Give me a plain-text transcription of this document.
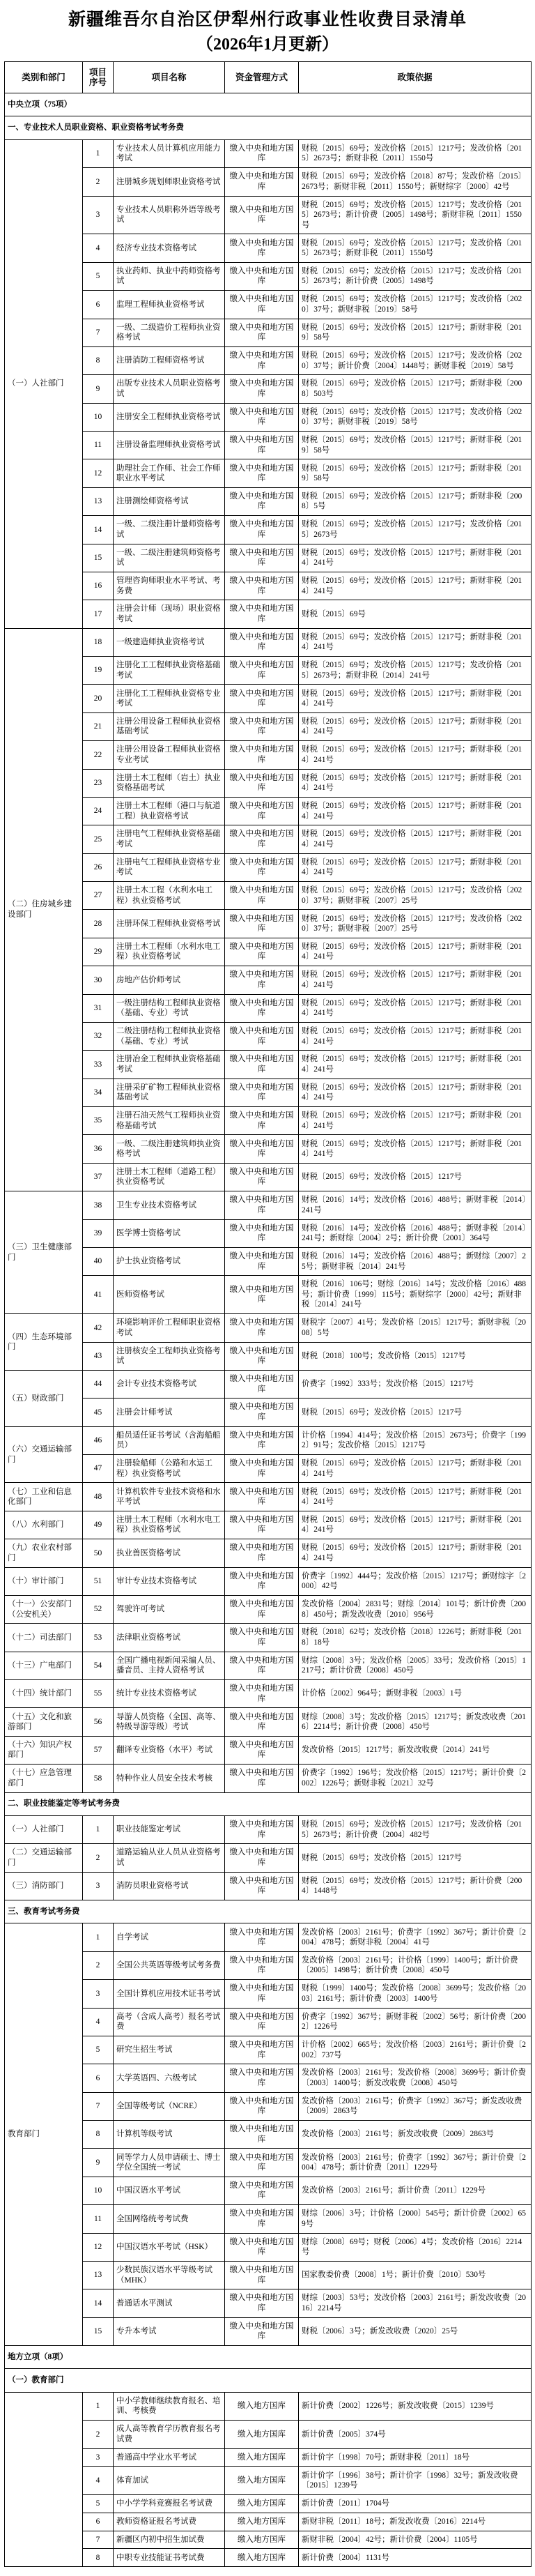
新疆维吾尔自治区伊犁州行政事业性收费目录清单
（2026年1月更新）
类别和部门	项目序号	项目名称	资金管理方式	政策依据
中央立项（75项）				
一、专业技术人员职业资格、职业资格考试考务费				
（一）人社部门	1	专业技术人员计算机应用能力考试	缴入中央和地方国库	财税〔2015〕69号；发改价格〔2015〕1217号；发改价格〔2015〕2673号；新财非税〔2011〕1550号
	2	注册城乡规划师职业资格考试	缴入中央和地方国库	财税〔2015〕69号；发改价格〔2018〕87号；发改价格〔2015〕2673号；新财非税〔2011〕1550号；新财综字〔2000〕42号
	3	专业技术人员职称外语等级考试	缴入中央和地方国库	财税〔2015〕69号；发改价格〔2015〕1217号；发改价格〔2015〕2673号；新计价费〔2005〕1498号；新财非税〔2011〕1550号
	4	经济专业技术资格考试	缴入中央和地方国库	财税〔2015〕69号；发改价格〔2015〕1217号；发改价格〔2015〕2673号；新财非税〔2011〕1550号
	5	执业药师、执业中药师资格考试	缴入中央和地方国库	财税〔2015〕69号；发改价格〔2015〕1217号；发改价格〔2015〕2673号；新计价费〔2005〕1498号
	6	监理工程师执业资格考试	缴入中央和地方国库	财税〔2015〕69号；发改价格〔2015〕1217号；发改价格〔2020〕37号；新财非税〔2019〕58号
	7	一级、二级造价工程师执业资格考试	缴入中央和地方国库	财税〔2015〕69号；发改价格〔2015〕1217号；新财非税〔2019〕58号
	8	注册消防工程师资格考试	缴入中央和地方国库	财税〔2015〕69号；发改价格〔2015〕1217号；发改价格〔2020〕37号；新计价费〔2004〕1448号；新财非税〔2019〕58号
	9	出版专业技术人员职业资格考试	缴入中央和地方国库	财税〔2015〕69号；发改价格〔2015〕1217号；新财非税〔2008〕503号
	10	注册安全工程师执业资格考试	缴入中央和地方国库	财税〔2015〕69号；发改价格〔2015〕1217号；发改价格〔2020〕37号；新财非税〔2019〕58号
	11	注册设备监理师执业资格考试	缴入中央和地方国库	财税〔2015〕69号；发改价格〔2015〕1217号；新财非税〔2019〕58号
	12	助理社会工作师、社会工作师职业水平考试	缴入中央和地方国库	财税〔2015〕69号；发改价格〔2015〕1217号；新财非税〔2019〕58号
	13	注册测绘师资格考试	缴入中央和地方国库	财税〔2015〕69号；发改价格〔2015〕1217号；新财非税〔2008〕5号
	14	一级、二级注册计量师资格考试	缴入中央和地方国库	财税〔2015〕69号；发改价格〔2015〕1217号；发改价格〔2015〕2673号
	15	一级、二级注册建筑师资格考试	缴入中央和地方国库	财税〔2015〕69号；发改价格〔2015〕1217号；新财非税〔2014〕241号
	16	管理咨询师职业水平考试、考务费	缴入中央和地方国库	财税〔2015〕69号；发改价格〔2015〕1217号；新财非税〔2014〕241号
	17	注册会计师（现场）职业资格考试	缴入中央和地方国库	财税〔2015〕69号
（二）住房城乡建设部门	18	一级建造师执业资格考试	缴入中央和地方国库	财税〔2015〕69号；发改价格〔2015〕1217号；新财非税〔2014〕241号
	19	注册化工工程师执业资格基础考试	缴入中央和地方国库	财税〔2015〕69号；发改价格〔2015〕1217号；发改价格〔2015〕2673号；新财非税〔2014〕241号
	20	注册化工工程师执业资格专业考试	缴入中央和地方国库	财税〔2015〕69号；发改价格〔2015〕1217号；新财非税〔2014〕241号
	21	注册公用设备工程师执业资格基础考试	缴入中央和地方国库	财税〔2015〕69号；发改价格〔2015〕1217号；新财非税〔2014〕241号
	22	注册公用设备工程师执业资格专业考试	缴入中央和地方国库	财税〔2015〕69号；发改价格〔2015〕1217号；新财非税〔2014〕241号
	23	注册土木工程师（岩土）执业资格基础考试	缴入中央和地方国库	财税〔2015〕69号；发改价格〔2015〕1217号；新财非税〔2014〕241号
	24	注册土木工程师（港口与航道工程）执业资格考试	缴入中央和地方国库	财税〔2015〕69号；发改价格〔2015〕1217号；新财非税〔2014〕241号
	25	注册电气工程师执业资格基础考试	缴入中央和地方国库	财税〔2015〕69号；发改价格〔2015〕1217号；新财非税〔2014〕241号
	26	注册电气工程师执业资格专业考试	缴入中央和地方国库	财税〔2015〕69号；发改价格〔2015〕1217号；新财非税〔2014〕241号
	27	注册土木工程（水利水电工程）执业资格考试	缴入中央和地方国库	财税〔2015〕69号；发改价格〔2015〕1217号；发改价格〔2020〕37号；新财非税〔2007〕25号
	28	注册环保工程师执业资格考试	缴入中央和地方国库	财税〔2015〕69号；发改价格〔2015〕1217号；发改价格〔2020〕37号；新财非税〔2007〕25号
	29	注册土木工程师（水利水电工程）执业资格考试	缴入中央和地方国库	财税〔2015〕69号；发改价格〔2015〕1217号；新财非税〔2014〕241号
	30	房地产估价师考试	缴入中央和地方国库	财税〔2015〕69号；发改价格〔2015〕1217号；新财非税〔2014〕241号
	31	一级注册结构工程师执业资格（基础、专业）考试	缴入中央和地方国库	财税〔2015〕69号；发改价格〔2015〕1217号；新财非税〔2014〕241号
	32	二级注册结构工程师执业资格（基础、专业）考试	缴入中央和地方国库	财税〔2015〕69号；发改价格〔2015〕1217号；新财非税〔2014〕241号
	33	注册冶金工程师执业资格基础考试	缴入中央和地方国库	财税〔2015〕69号；发改价格〔2015〕1217号；新财非税〔2014〕241号
	34	注册采矿矿物工程师执业资格基础考试	缴入中央和地方国库	财税〔2015〕69号；发改价格〔2015〕1217号；新财非税〔2014〕241号
	35	注册石油天然气工程师执业资格基础考试	缴入中央和地方国库	财税〔2015〕69号；发改价格〔2015〕1217号；新财非税〔2014〕241号
	36	一级、二级注册建筑师执业资格考试	缴入中央和地方国库	财税〔2015〕69号；发改价格〔2015〕1217号；新财非税〔2014〕241号
	37	注册土木工程师（道路工程）执业资格考试	缴入中央和地方国库	财税〔2015〕69号；发改价格〔2015〕1217号
（三）卫生健康部门	38	卫生专业技术资格考试	缴入中央和地方国库	财税〔2016〕14号；发改价格〔2016〕488号；新财非税〔2014〕241号
	39	医学博士资格考试	缴入中央和地方国库	财税〔2016〕14号；发改价格〔2016〕488号；新财非税〔2014〕241号；新财综〔2004〕2号；新计价费〔2001〕364号
	40	护士执业资格考试	缴入中央和地方国库	财税〔2016〕14号；发改价格〔2016〕488号；新财综〔2007〕25号；新财非税〔2014〕241号
	41	医师资格考试	缴入中央和地方国库	财税〔2016〕106号；财综〔2016〕14号；发改价格〔2016〕488号；新计价费〔1999〕115号；新财综字〔2000〕42号；新财非税〔2014〕241号
（四）生态环境部门	42	环境影响评价工程师职业资格考试	缴入中央和地方国库	财税字〔2007〕41号；发改价格〔2015〕1217号；新财非税〔2008〕5号
	43	注册核安全工程师执业资格考试	缴入中央和地方国库	财税〔2018〕100号；发改价格〔2015〕1217号
（五）财政部门	44	会计专业技术资格考试	缴入中央和地方国库	价费字〔1992〕333号；发改价格〔2015〕1217号
	45	注册会计师考试	缴入中央和地方国库	财税〔2015〕69号；发改价格〔2015〕1217号
（六）交通运输部门	46	船员适任证书考试（含海船船员）	缴入中央和地方国库	计价格〔1994〕414号；发改价格〔2015〕2673号；价费字〔1992〕91号；发改价格〔2015〕1217号
	47	注册验船师（公路和水运工程）执业资格考试	缴入中央和地方国库	财税〔2015〕69号；发改价格〔2015〕1217号；新财非税〔2014〕241号
（七）工业和信息化部门	48	计算机软件专业技术资格和水平考试	缴入中央和地方国库	财税〔2015〕69号；发改价格〔2015〕1217号；新财非税〔2014〕241号
（八）水利部门	49	注册土木工程师（水利水电工程）执业资格考试	缴入中央和地方国库	财税〔2015〕69号；发改价格〔2015〕1217号；新财非税〔2014〕241号
（九）农业农村部门	50	执业兽医资格考试	缴入中央和地方国库	财税〔2015〕69号；发改价格〔2015〕1217号；新财非税〔2014〕241号
（十）审计部门	51	审计专业技术资格考试	缴入中央和地方国库	价费字〔1992〕444号；发改价格〔2015〕1217号；新财综字〔2000〕42号
（十一）公安部门（公安机关）	52	驾驶许可考试	缴入中央和地方国库	发改价格〔2004〕2831号；财综〔2014〕101号；新计价费〔2008〕450号；新发改收费〔2010〕956号
（十二）司法部门	53	法律职业资格考试	缴入中央和地方国库	财税〔2018〕62号；发改价格〔2018〕1226号；新财非税〔2018〕18号
（十三）广电部门	54	全国广播电视新闻采编人员、播音员、主持人资格考试	缴入中央和地方国库	财综〔2008〕3号；发改价格〔2005〕33号；发改价格〔2015〕1217号；新计价费〔2008〕450号
（十四）统计部门	55	统计专业技术资格考试	缴入中央和地方国库	计价格〔2002〕964号；新财非税〔2003〕1号
（十五）文化和旅游部门	56	导游人员资格（全国、高等、特级导游等级）考试	缴入中央和地方国库	财综〔2008〕3号；发改价格〔2015〕1217号；新发改收费〔2016〕2214号；新计价费〔2008〕450号
（十六）知识产权部门	57	翻译专业资格（水平）考试	缴入中央和地方国库	发改价格〔2015〕1217号；新发改收费〔2014〕241号
（十七）应急管理部门	58	特种作业人员安全技术考核	缴入中央和地方国库	价费字〔1992〕196号；发改价格〔2015〕1217号；新计价费〔2002〕1226号；新财非税〔2021〕32号
二、职业技能鉴定等考试考务费				
（一）人社部门	1	职业技能鉴定考试	缴入中央和地方国库	财税〔2015〕69号；发改价格〔2015〕1217号；发改价格〔2015〕2673号；新计价费〔2004〕482号
（二）交通运输部门	2	道路运输从业人员从业资格考试	缴入中央和地方国库	财税〔2015〕69号；发改价格〔2015〕1217号
（三）消防部门	3	消防员职业资格考试	缴入中央和地方国库	财税〔2015〕69号；发改价格〔2015〕1217号；新计价费〔2004〕1448号
三、教育考试考务费				
教育部门	1	自学考试	缴入中央和地方国库	发改价格〔2003〕2161号；价费字〔1992〕367号；新计价费〔2004〕478号；新财非税〔2004〕41号
	2	全国公共英语等级考试考务费	缴入中央和地方国库	发改价格〔2003〕2161号；计价格〔1999〕1400号；新计价费〔2005〕1498号；新计价费〔2008〕450号
	3	全国计算机应用技术证书考试	缴入中央和地方国库	财税〔1999〕1400号；发改价格〔2008〕3699号；发改价格〔2003〕2161号；新计价费〔2003〕1400号
	4	高考（含成人高考）报名考试费	缴入中央和地方国库	价费字〔1992〕367号；新财非税〔2002〕56号；新计价费〔2002〕1226号
	5	研究生招生考试	缴入中央和地方国库	计价格〔2002〕665号；发改价格〔2003〕2161号；新计价费〔2002〕737号
	6	大学英语四、六级考试	缴入中央和地方国库	发改价格〔2003〕2161号；发改价格〔2008〕3699号；新计价费〔2003〕1400号；新发改收费〔2008〕450号
	7	全国等级考试（NCRE）	缴入中央和地方国库	发改价格〔2003〕2161号；价费字〔1992〕367号；新发改收费〔2009〕2863号
	8	计算机等级考试	缴入中央和地方国库	发改价格〔2003〕2161号；新发改收费〔2009〕2863号
	9	同等学力人员申请硕士、博士学位全国统一考试	缴入中央和地方国库	发改价格〔2003〕2161号；价费字〔1992〕367号；新计价费〔2004〕478号；新计价费〔2011〕1229号
	10	中国汉语水平考试	缴入中央和地方国库	发改价格〔2003〕2161号；新计价费〔2011〕1229号
	11	全国网络统考考试费	缴入中央和地方国库	财综〔2006〕3号；计价格〔2000〕545号；新计价费〔2002〕659号
	12	中国汉语水平考试（HSK）	缴入中央和地方国库	财综〔2008〕69号；财税〔2006〕4号；发改价格〔2016〕2214号
	13	少数民族汉语水平等级考试（MHK）	缴入中央和地方国库	国家教委价费〔2008〕1号；新计价费〔2010〕530号
	14	普通话水平测试	缴入中央和地方国库	财综〔2003〕53号；发改价格〔2003〕2161号；新发改收费〔2016〕2214号
	15	专升本考试	缴入中央和地方国库	财税〔2006〕3号；新发改收费〔2020〕25号
地方立项（8项）				
（一）教育部门				
	1	中小学教师继续教育报名、培训、考核费	缴入地方国库	新计价费〔2002〕1226号；新发改收费〔2015〕1239号
	2	成人高等教育学历教育报名考试费	缴入地方国库	新计价费〔2005〕374号
	3	普通高中学业水平考试	缴入地方国库	新计价字〔1998〕70号；新财非税〔2011〕18号
	4	体育加试	缴入地方国库	新计价字〔1996〕38号；新计价字〔1998〕32号；新发改收费〔2015〕1239号
	5	中小学学科竞赛报名考试费	缴入地方国库	新计价费〔2011〕1704号
	6	教师资格证报名考试费	缴入地方国库	新财非税〔2011〕18号；新发改收费〔2016〕2214号
	7	新疆区内初中招生加试费	缴入地方国库	新财非税〔2004〕42号；新计价费〔2004〕1105号
	8	中职专业技能证书考试费	缴入地方国库	新计价费〔2004〕1131号
